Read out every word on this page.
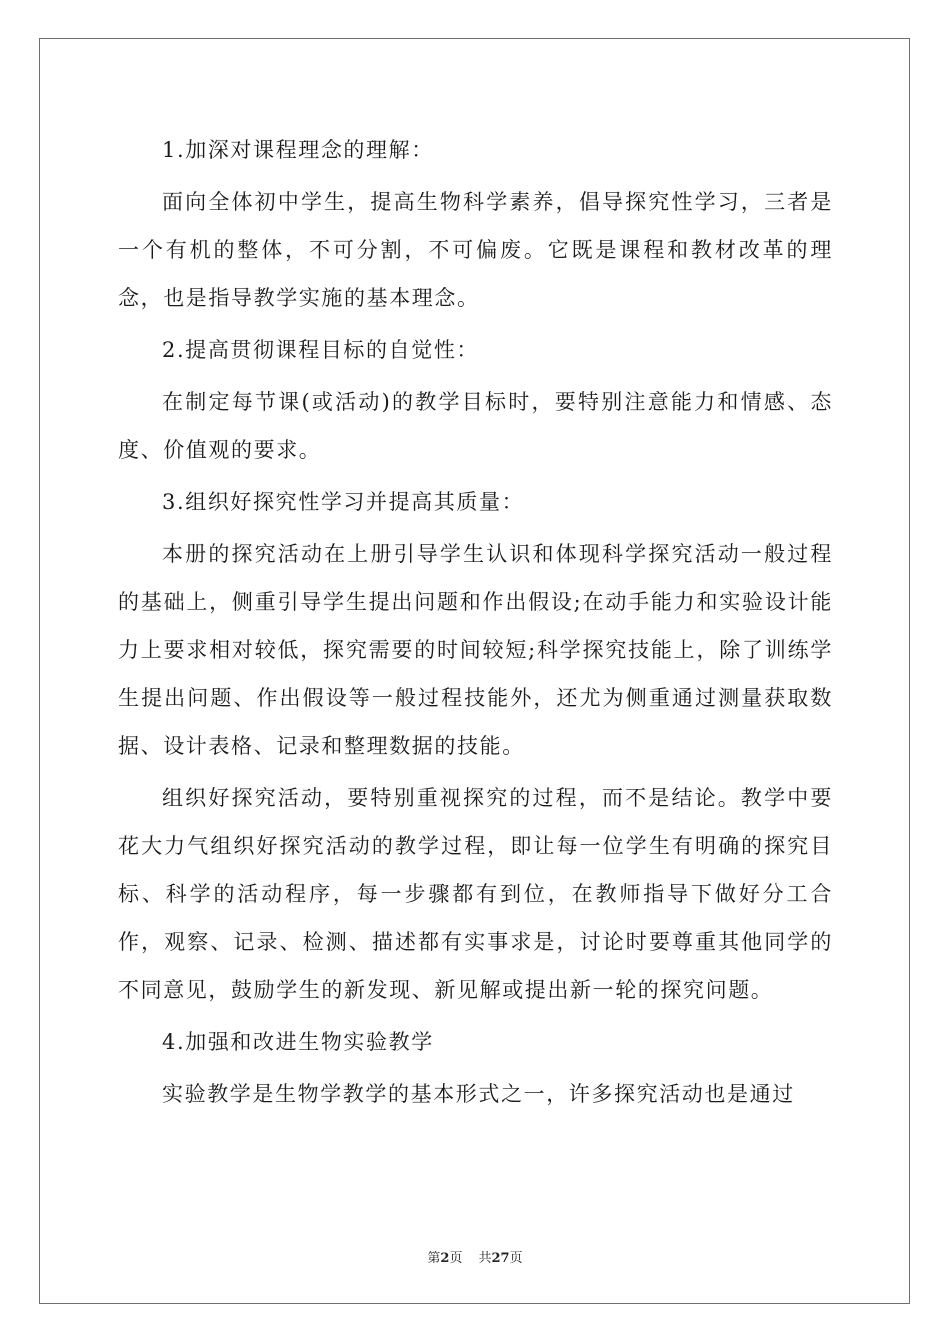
1.加深对课程理念的理解：

面向全体初中学生，提高生物科学素养，倡导探究性学习，三者是一个有机的整体，不可分割，不可偏废。它既是课程和教材改革的理念，也是指导教学实施的基本理念。

2.提高贯彻课程目标的自觉性：

在制定每节课(或活动)的教学目标时，要特别注意能力和情感、态度、价值观的要求。

3.组织好探究性学习并提高其质量：

本册的探究活动在上册引导学生认识和体现科学探究活动一般过程的基础上，侧重引导学生提出问题和作出假设;在动手能力和实验设计能力上要求相对较低，探究需要的时间较短;科学探究技能上，除了训练学生提出问题、作出假设等一般过程技能外，还尤为侧重通过测量获取数据、设计表格、记录和整理数据的技能。

组织好探究活动，要特别重视探究的过程，而不是结论。教学中要花大力气组织好探究活动的教学过程，即让每一位学生有明确的探究目标、科学的活动程序，每一步骤都有到位，在教师指导下做好分工合作，观察、记录、检测、描述都有实事求是，讨论时要尊重其他同学的不同意见，鼓励学生的新发现、新见解或提出新一轮的探究问题。

4.加强和改进生物实验教学

实验教学是生物学教学的基本形式之一，许多探究活动也是通过

第2页 共27页
